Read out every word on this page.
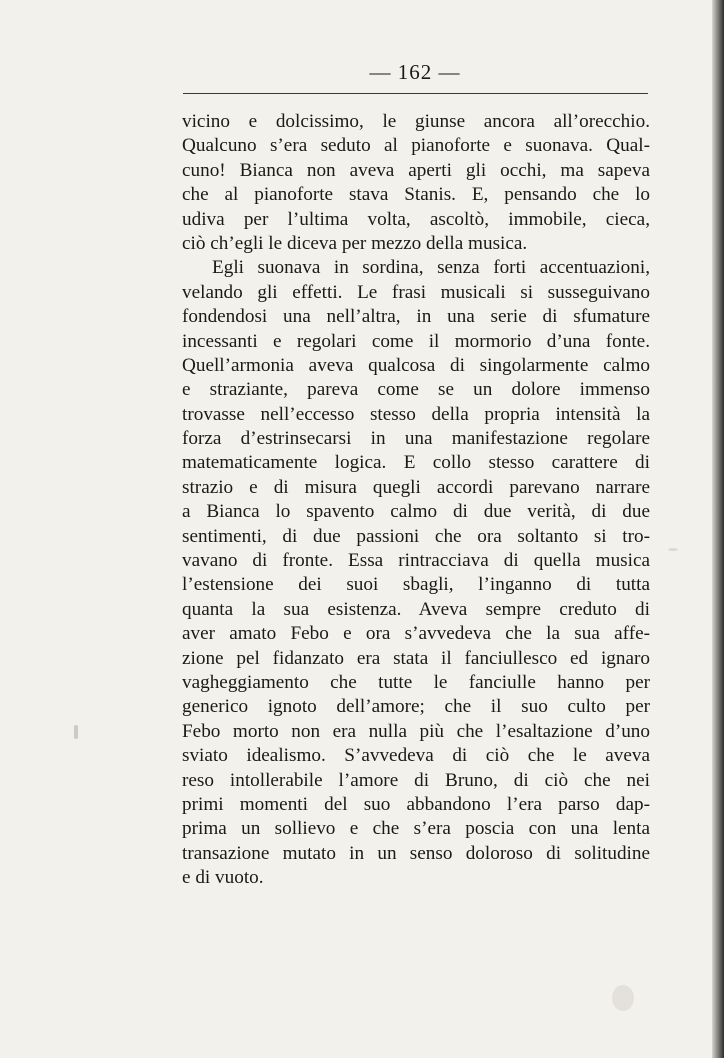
— 162 —
vicino e dolcissimo, le giunse ancora all’orecchio.
Qualcuno s’era seduto al pianoforte e suonava. Qual-
cuno! Bianca non aveva aperti gli occhi, ma sapeva
che al pianoforte stava Stanis. E, pensando che lo
udiva per l’ultima volta, ascoltò, immobile, cieca,
ciò ch’egli le diceva per mezzo della musica.
Egli suonava in sordina, senza forti accentuazioni,
velando gli effetti. Le frasi musicali si susseguivano
fondendosi una nell’altra, in una serie di sfumature
incessanti e regolari come il mormorio d’una fonte.
Quell’armonia aveva qualcosa di singolarmente calmo
e straziante, pareva come se un dolore immenso
trovasse nell’eccesso stesso della propria intensità la
forza d’estrinsecarsi in una manifestazione regolare
matematicamente logica. E collo stesso carattere di
strazio e di misura quegli accordi parevano narrare
a Bianca lo spavento calmo di due verità, di due
sentimenti, di due passioni che ora soltanto si tro-
vavano di fronte. Essa rintracciava di quella musica
l’estensione dei suoi sbagli, l’inganno di tutta
quanta la sua esistenza. Aveva sempre creduto di
aver amato Febo e ora s’avvedeva che la sua affe-
zione pel fidanzato era stata il fanciullesco ed ignaro
vagheggiamento che tutte le fanciulle hanno per
generico ignoto dell’amore; che il suo culto per
Febo morto non era nulla più che l’esaltazione d’uno
sviato idealismo. S’avvedeva di ciò che le aveva
reso intollerabile l’amore di Bruno, di ciò che nei
primi momenti del suo abbandono l’era parso dap-
prima un sollievo e che s’era poscia con una lenta
transazione mutato in un senso doloroso di solitudine
e di vuoto.
